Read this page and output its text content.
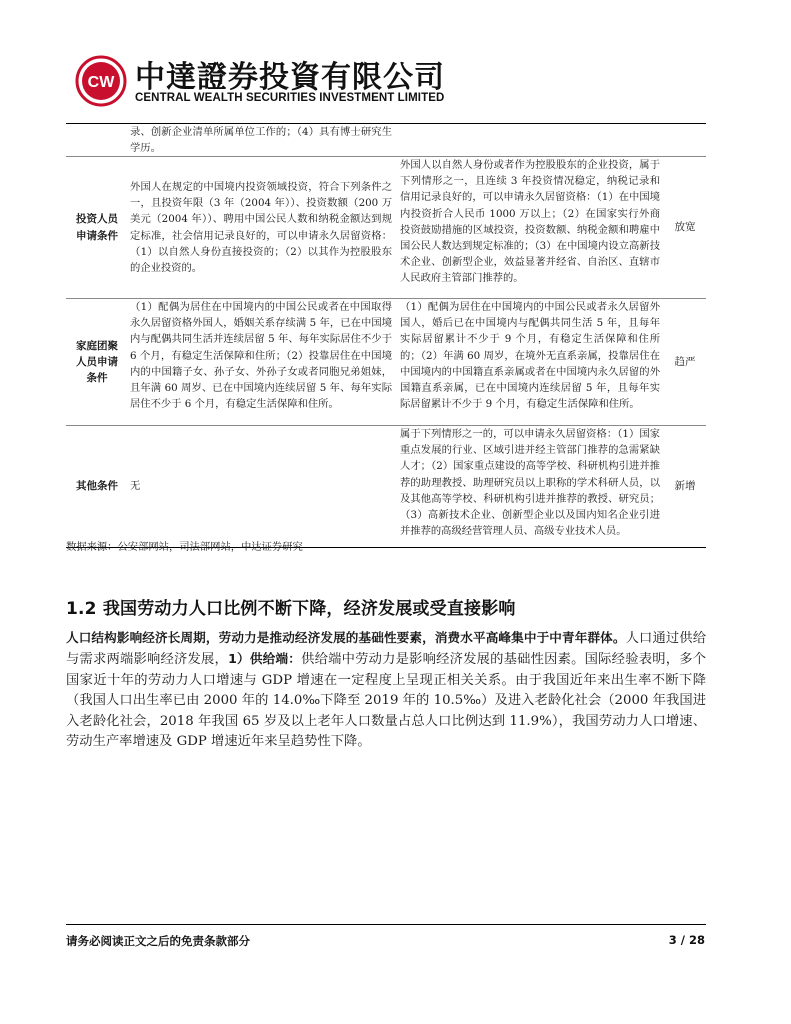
CW 中達證券投資有限公司
CENTRAL WEALTH SECURITIES INVESTMENT LIMITED
录、创新企业清单所属单位工作的；（4）具有博士研究生学历。
投资人员申请条件
外国人在规定的中国境内投资领域投资，符合下列条件之一，且投资年限（3 年（2004 年））、投资数额（200 万美元（2004 年））、聘用中国公民人数和纳税金额达到规定标准，社会信用记录良好的，可以申请永久居留资格：（1）以自然人身份直接投资的；（2）以其作为控股股东的企业投资的。
外国人以自然人身份或者作为控股股东的企业投资，属于下列情形之一，且连续 3 年投资情况稳定，纳税记录和信用记录良好的，可以申请永久居留资格：（1）在中国境内投资折合人民币 1000 万以上；（2）在国家实行外商投资鼓励措施的区域投资，投资数额、纳税金额和聘雇中国公民人数达到规定标准的；（3）在中国境内设立高新技术企业、创新型企业，效益显著并经省、自治区、直辖市人民政府主管部门推荐的。
放宽
家庭团聚人员申请条件
（1）配偶为居住在中国境内的中国公民或者在中国取得永久居留资格外国人，婚姻关系存续满 5 年，已在中国境内与配偶共同生活并连续居留 5 年、每年实际居住不少于 6 个月，有稳定生活保障和住所；（2）投靠居住在中国境内的中国籍子女、孙子女、外孙子女或者同胞兄弟姐妹，且年满 60 周岁、已在中国境内连续居留 5 年、每年实际居住不少于 6 个月，有稳定生活保障和住所。
（1）配偶为居住在中国境内的中国公民或者永久居留外国人，婚后已在中国境内与配偶共同生活 5 年，且每年实际居留累计不少于 9 个月，有稳定生活保障和住所的；（2）年满 60 周岁，在境外无直系亲属，投靠居住在中国境内的中国籍直系亲属或者在中国境内永久居留的外国籍直系亲属，已在中国境内连续居留 5 年，且每年实际居留累计不少于 9 个月，有稳定生活保障和住所。
趋严
其他条件	无
属于下列情形之一的，可以申请永久居留资格：（1）国家重点发展的行业、区域引进并经主管部门推荐的急需紧缺人才；（2）国家重点建设的高等学校、科研机构引进并推荐的助理教授、助理研究员以上职称的学术科研人员，以及其他高等学校、科研机构引进并推荐的教授、研究员；（3）高新技术企业、创新型企业以及国内知名企业引进并推荐的高级经营管理人员、高级专业技术人员。
新增
数据来源：公安部网站，司法部网站，中达证券研究
1.2 我国劳动力人口比例不断下降，经济发展或受直接影响
人口结构影响经济长周期，劳动力是推动经济发展的基础性要素，消费水平高峰集中于中青年群体。人口通过供给与需求两端影响经济发展，1）供给端：供给端中劳动力是影响经济发展的基础性因素。国际经验表明，多个国家近十年的劳动力人口增速与 GDP 增速在一定程度上呈现正相关关系。由于我国近年来出生率不断下降（我国人口出生率已由 2000 年的 14.0‰下降至 2019 年的 10.5‰）及进入老龄化社会（2000 年我国进入老龄化社会，2018 年我国 65 岁及以上老年人口数量占总人口比例达到 11.9%），我国劳动力人口增速、劳动生产率增速及 GDP 增速近年来呈趋势性下降。
请务必阅读正文之后的免责条款部分	3 / 28
